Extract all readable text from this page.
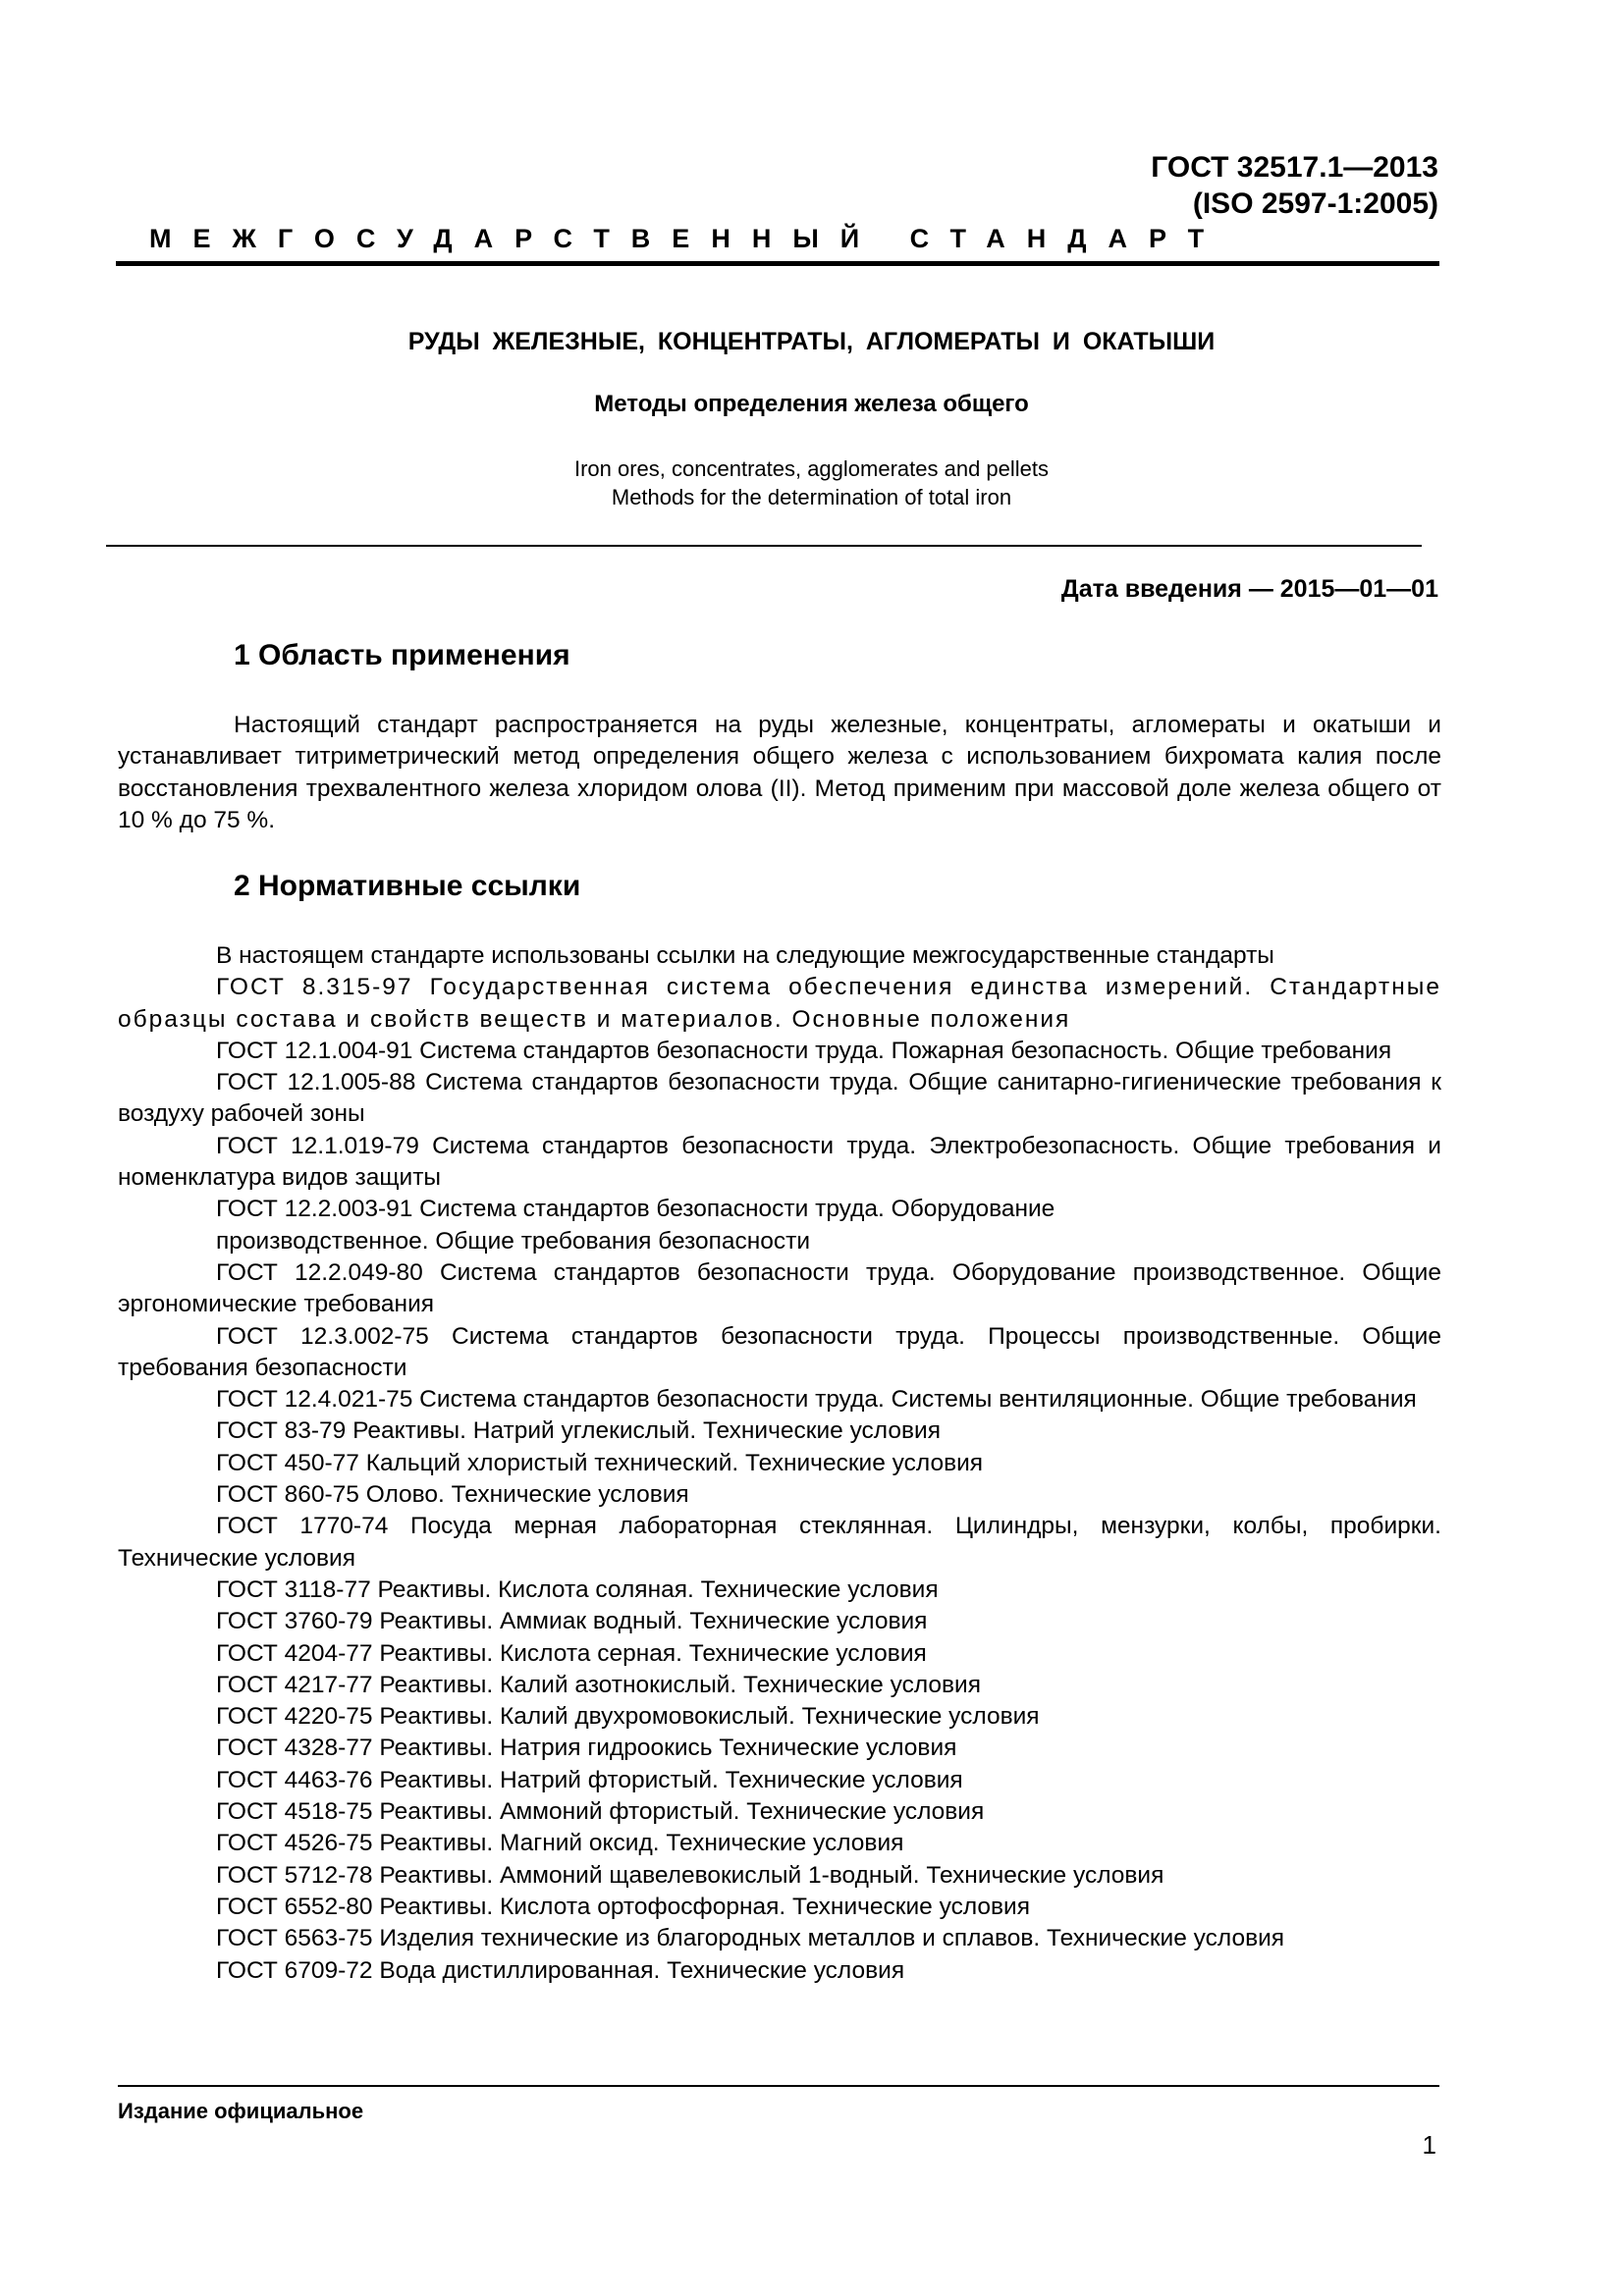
ГОСТ 32517.1—2013
(ISO 2597-1:2005)
МЕЖГОСУДАРСТВЕННЫЙ СТАНДАРТ
РУДЫ ЖЕЛЕЗНЫЕ, КОНЦЕНТРАТЫ, АГЛОМЕРАТЫ И ОКАТЫШИ
Методы определения железа общего
Iron ores, concentrates, agglomerates and pellets
Methods for the determination of total iron
Дата введения — 2015—01—01
1 Область применения

Настоящий стандарт распространяется на руды железные, концентраты, агломераты и окатыши и устанавливает титриметрический метод определения общего железа с использованием бихромата калия после восстановления трехвалентного железа хлоридом олова (II). Метод применим при массовой доле железа общего от 10 % до 75 %.

2 Нормативные ссылки
В настоящем стандарте использованы ссылки на следующие межгосударственные стандарты
ГОСТ 8.315-97 Государственная система обеспечения единства измерений. Стандартные образцы состава и свойств веществ и материалов. Основные положения
ГОСТ 12.1.004-91 Система стандартов безопасности труда. Пожарная безопасность. Общие требования
ГОСТ 12.1.005-88 Система стандартов безопасности труда. Общие санитарно-гигиенические требования к воздуху рабочей зоны
ГОСТ 12.1.019-79 Система стандартов безопасности труда. Электробезопасность. Общие требования и номенклатура видов защиты
ГОСТ 12.2.003-91 Система стандартов безопасности труда. Оборудование
производственное. Общие требования безопасности
ГОСТ 12.2.049-80 Система стандартов безопасности труда. Оборудование производственное. Общие эргономические требования
ГОСТ 12.3.002-75 Система стандартов безопасности труда. Процессы производственные. Общие требования безопасности
ГОСТ 12.4.021-75 Система стандартов безопасности труда. Системы вентиляционные. Общие требования
ГОСТ 83-79 Реактивы. Натрий углекислый. Технические условия
ГОСТ 450-77 Кальций хлористый технический. Технические условия
ГОСТ 860-75 Олово. Технические условия
ГОСТ 1770-74 Посуда мерная лабораторная стеклянная. Цилиндры, мензурки, колбы, пробирки. Технические условия
ГОСТ 3118-77 Реактивы. Кислота соляная. Технические условия
ГОСТ 3760-79 Реактивы. Аммиак водный. Технические условия
ГОСТ 4204-77 Реактивы. Кислота серная. Технические условия
ГОСТ 4217-77 Реактивы. Калий азотнокислый. Технические условия
ГОСТ 4220-75 Реактивы. Калий двухромовокислый. Технические условия
ГОСТ 4328-77 Реактивы. Натрия гидроокись Технические условия
ГОСТ 4463-76 Реактивы. Натрий фтористый. Технические условия
ГОСТ 4518-75 Реактивы. Аммоний фтористый. Технические условия
ГОСТ 4526-75 Реактивы. Магний оксид. Технические условия
ГОСТ 5712-78 Реактивы. Аммоний щавелевокислый 1-водный. Технические условия
ГОСТ 6552-80 Реактивы. Кислота ортофосфорная. Технические условия
ГОСТ 6563-75 Изделия технические из благородных металлов и сплавов. Технические условия
ГОСТ 6709-72 Вода дистиллированная. Технические условия
Издание официальное
1
